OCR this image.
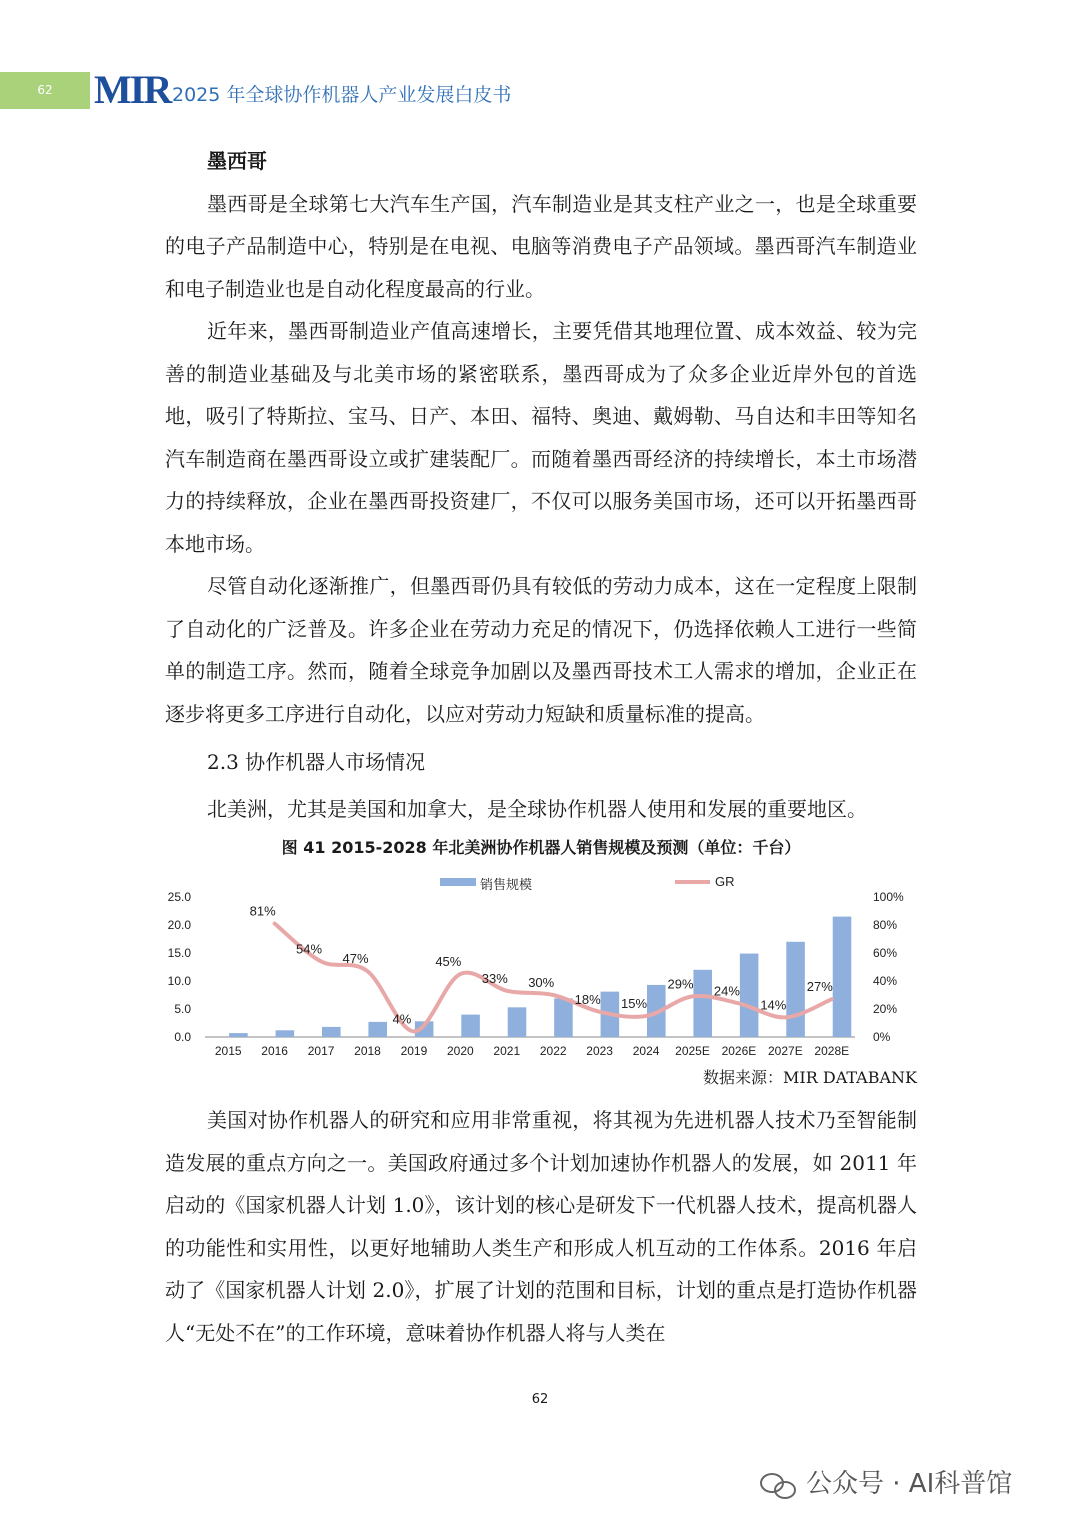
62	MIR 2025 年全球协作机器人产业发展白皮书
墨西哥

墨西哥是全球第七大汽车生产国，汽车制造业是其支柱产业之一，也是全球重要的电子产品制造中心，特别是在电视、电脑等消费电子产品领域。墨西哥汽车制造业和电子制造业也是自动化程度最高的行业。

近年来，墨西哥制造业产值高速增长，主要凭借其地理位置、成本效益、较为完善的制造业基础及与北美市场的紧密联系，墨西哥成为了众多企业近岸外包的首选地，吸引了特斯拉、宝马、日产、本田、福特、奥迪、戴姆勒、马自达和丰田等知名汽车制造商在墨西哥设立或扩建装配厂。而随着墨西哥经济的持续增长，本土市场潜力的持续释放，企业在墨西哥投资建厂，不仅可以服务美国市场，还可以开拓墨西哥本地市场。

尽管自动化逐渐推广，但墨西哥仍具有较低的劳动力成本，这在一定程度上限制了自动化的广泛普及。许多企业在劳动力充足的情况下，仍选择依赖人工进行一些简单的制造工序。然而，随着全球竞争加剧以及墨西哥技术工人需求的增加，企业正在逐步将更多工序进行自动化，以应对劳动力短缺和质量标准的提高。

2.3 协作机器人市场情况

北美洲，尤其是美国和加拿大，是全球协作机器人使用和发展的重要地区。

图 41 2015-2028 年北美洲协作机器人销售规模及预测（单位：千台）
0.0
5.0
10.0
15.0
20.0
25.0
0%
20%
40%
60%
80%
100%
2015 2016 2017 2018 2019 2020 2021 2022 2023 2024 2025E 2026E 2027E 2028E
81%
54%
47%
4%
45%
33% 30%
18% 15%
29% 24%
14%
27%
销售规模	GR
数据来源：MIR DATABANK

美国对协作机器人的研究和应用非常重视，将其视为先进机器人技术乃至智能制造发展的重点方向之一。美国政府通过多个计划加速协作机器人的发展，如 2011 年启动的《国家机器人计划 1.0》，该计划的核心是研发下一代机器人技术，提高机器人的功能性和实用性，以更好地辅助人类生产和形成人机互动的工作体系。2016 年启动了《国家机器人计划 2.0》，扩展了计划的范围和目标，计划的重点是打造协作机器人“无处不在”的工作环境，意味着协作机器人将与人类在

62
公众号 · AI科普馆
